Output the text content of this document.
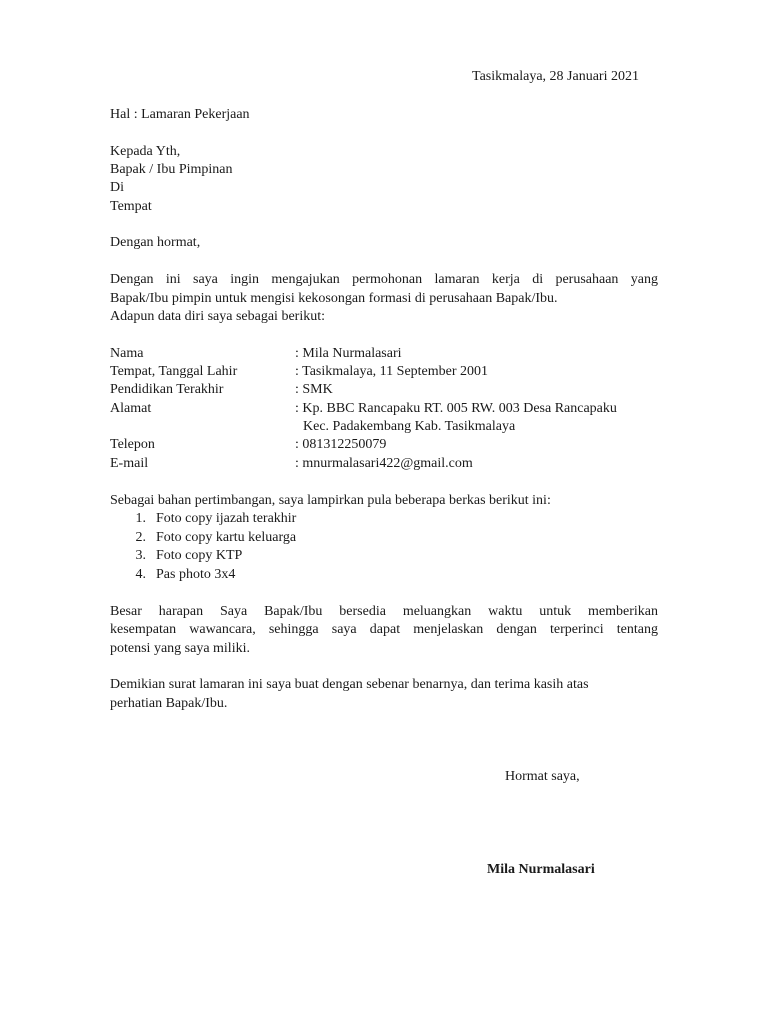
Tasikmalaya, 28 Januari 2021
Hal : Lamaran Pekerjaan
Kepada Yth,
Bapak / Ibu Pimpinan
Di
Tempat
Dengan hormat,
Dengan ini saya ingin mengajukan permohonan lamaran kerja di perusahaan yang
Bapak/Ibu pimpin untuk mengisi kekosongan formasi di perusahaan Bapak/Ibu.
Adapun data diri saya sebagai berikut:
Nama	: Mila Nurmalasari
Tempat, Tanggal Lahir	: Tasikmalaya, 11 September 2001
Pendidikan Terakhir	: SMK
Alamat	: Kp. BBC Rancapaku RT. 005 RW. 003 Desa Rancapaku
Kec. Padakembang Kab. Tasikmalaya
Telepon	: 081312250079
E-mail	: mnurmalasari422@gmail.com
Sebagai bahan pertimbangan, saya lampirkan pula beberapa berkas berikut ini:
1. Foto copy ijazah terakhir
2. Foto copy kartu keluarga
3. Foto copy KTP
4. Pas photo 3x4
Besar harapan Saya Bapak/Ibu bersedia meluangkan waktu untuk memberikan
kesempatan wawancara, sehingga saya dapat menjelaskan dengan terperinci tentang
potensi yang saya miliki.
Demikian surat lamaran ini saya buat dengan sebenar benarnya, dan terima kasih atas
perhatian Bapak/Ibu.
Hormat saya,
Mila Nurmalasari
